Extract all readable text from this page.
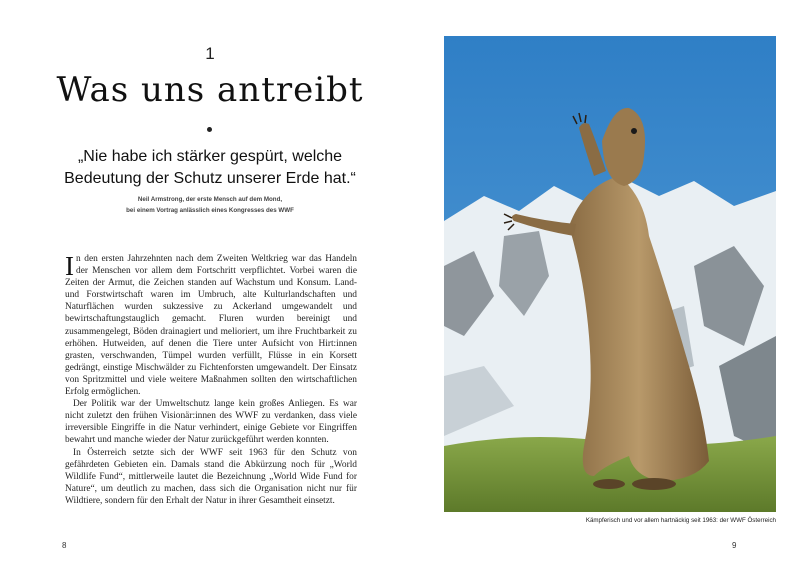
1
Was uns antreibt
„Nie habe ich stärker gespürt, welche Bedeutung der Schutz unserer Erde hat.“
Neil Armstrong, der erste Mensch auf dem Mond,
bei einem Vortrag anlässlich eines Kongresses des WWF

In den ersten Jahrzehnten nach dem Zweiten Weltkrieg war das Handeln der Menschen vor allem dem Fortschritt verpflichtet. Vorbei waren die Zeiten der Armut, die Zeichen standen auf Wachstum und Konsum. Land- und Forstwirtschaft waren im Umbruch, alte Kulturlandschaften und Naturflächen wurden sukzessive zu Ackerland umgewandelt und bewirtschaftungstauglich gemacht. Fluren wurden bereinigt und zusammengelegt, Böden drainagiert und melioriert, um ihre Fruchtbarkeit zu erhöhen. Hutweiden, auf denen die Tiere unter Aufsicht von Hirt:innen grasten, verschwanden, Tümpel wurden verfüllt, Flüsse in ein Korsett gedrängt, einstige Mischwälder zu Fichtenforsten umgewandelt. Der Einsatz von Spritzmittel und viele weitere Maßnahmen sollten den wirtschaftlichen Erfolg ermöglichen.

Der Politik war der Umweltschutz lange kein großes Anliegen. Es war nicht zuletzt den frühen Visionär:innen des WWF zu verdanken, dass viele irreversible Eingriffe in die Natur verhindert, einige Gebiete vor Eingriffen bewahrt und manche wieder der Natur zurückgeführt werden konnten.

In Österreich setzte sich der WWF seit 1963 für den Schutz von gefährdeten Gebieten ein. Damals stand die Abkürzung noch für „World Wildlife Fund“, mittlerweile lautet die Bezeichnung „World Wide Fund for Nature“, um deutlich zu machen, dass sich die Organisation nicht nur für Wildtiere, sondern für den Erhalt der Natur in ihrer Gesamtheit einsetzt.

8
Kämpferisch und vor allem hartnäckig seit 1963: der WWF Österreich
9
